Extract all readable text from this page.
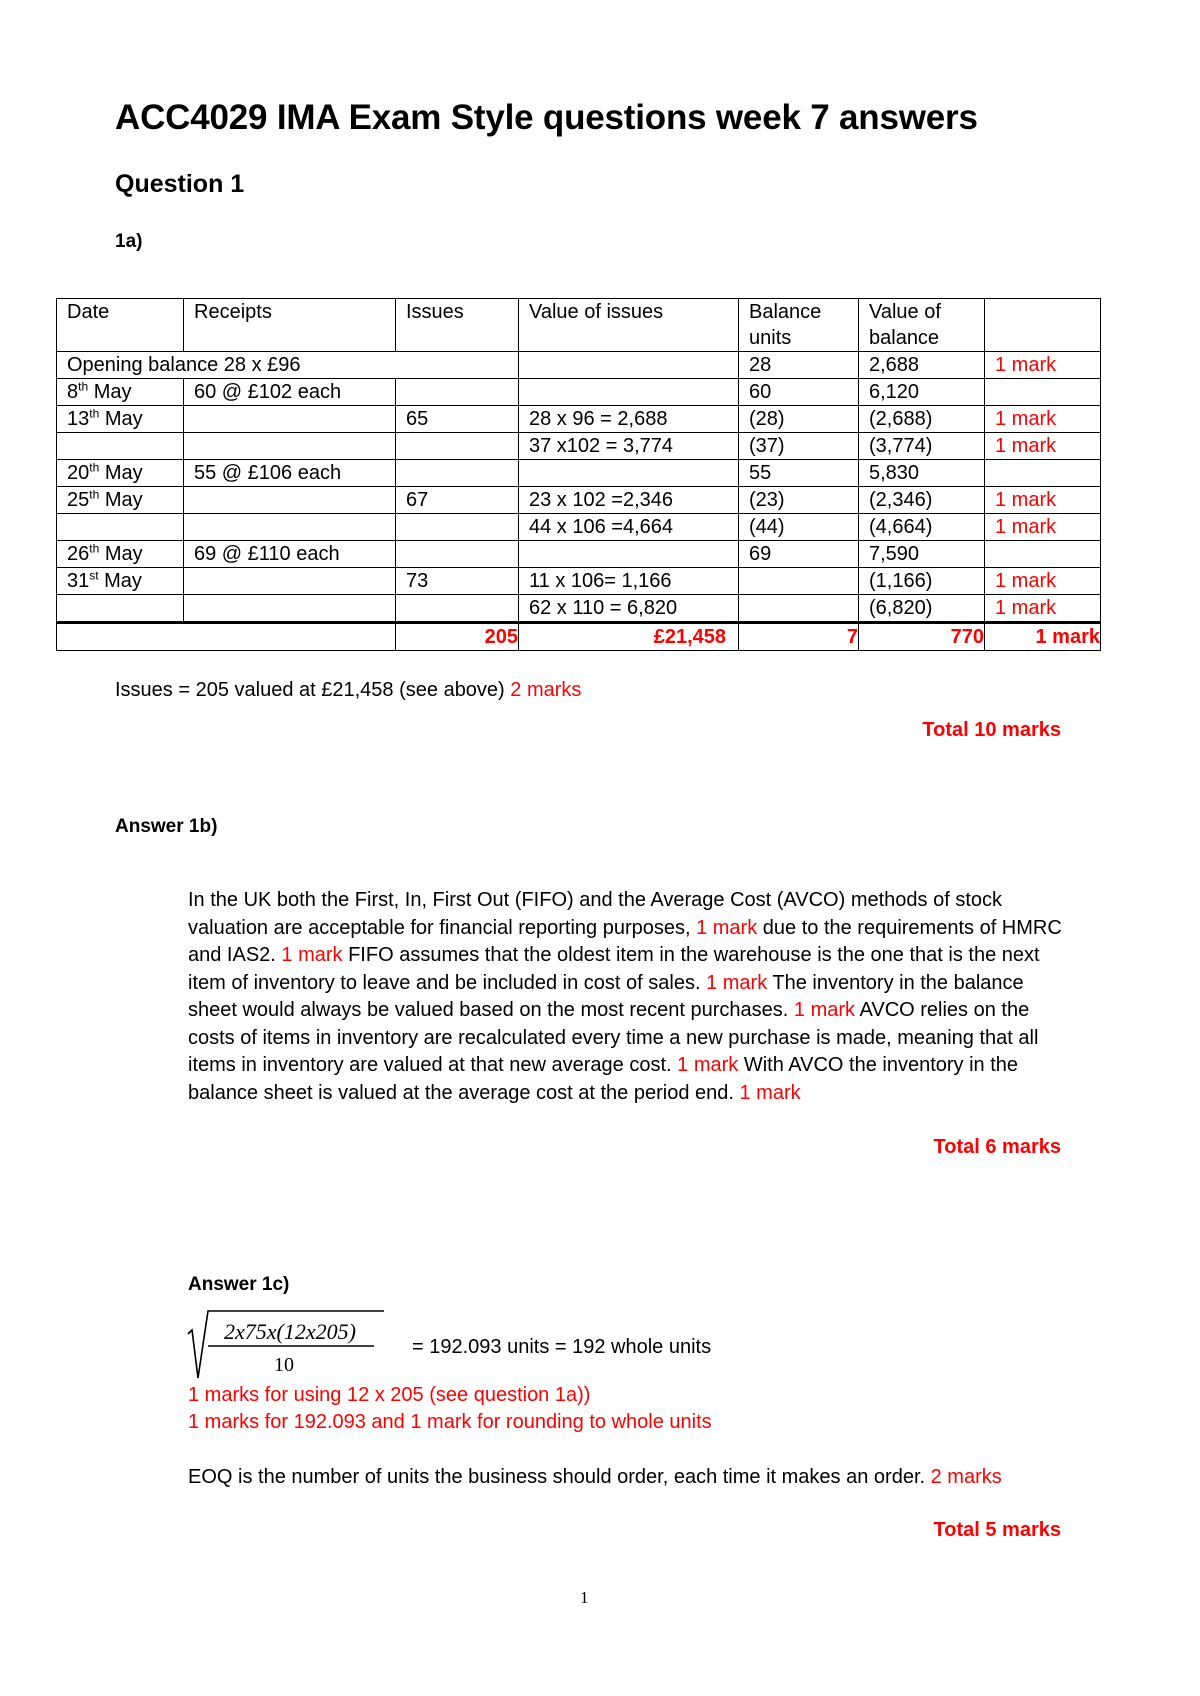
ACC4029 IMA Exam Style questions week 7 answers
Question 1
1a)
Date	Receipts	Issues	Value of issues	Balance units	Value of balance	
Opening balance 28 x £96				28	2,688	1 mark
8th May	60 @ £102 each			60	6,120	
13th May		65	28 x 96 = 2,688	(28)	(2,688)	1 mark
			37 x102 = 3,774	(37)	(3,774)	1 mark
20th May	55 @ £106 each			55	5,830	
25th May		67	23 x 102 =2,346	(23)	(2,346)	1 mark
			44 x 106 =4,664	(44)	(4,664)	1 mark
26th May	69 @ £110 each			69	7,590	
31st May		73	11 x 106= 1,166		(1,166)	1 mark
			62 x 110 = 6,820		(6,820)	1 mark
		205	£21,458	7	770	1 mark
Issues = 205 valued at £21,458 (see above) 2 marks
Total 10 marks
Answer 1b)
In the UK both the First, In, First Out (FIFO) and the Average Cost (AVCO) methods of stock valuation are acceptable for financial reporting purposes, 1 mark due to the requirements of HMRC and IAS2. 1 mark FIFO assumes that the oldest item in the warehouse is the one that is the next item of inventory to leave and be included in cost of sales. 1 mark The inventory in the balance sheet would always be valued based on the most recent purchases. 1 mark AVCO relies on the costs of items in inventory are recalculated every time a new purchase is made, meaning that all items in inventory are valued at that new average cost. 1 mark With AVCO the inventory in the balance sheet is valued at the average cost at the period end. 1 mark
Total 6 marks
Answer 1c)
2x75x(12x205)
10
= 192.093 units = 192 whole units
1 marks for using 12 x 205 (see question 1a))
1 marks for 192.093 and 1 mark for rounding to whole units
EOQ is the number of units the business should order, each time it makes an order. 2 marks
Total 5 marks
1
